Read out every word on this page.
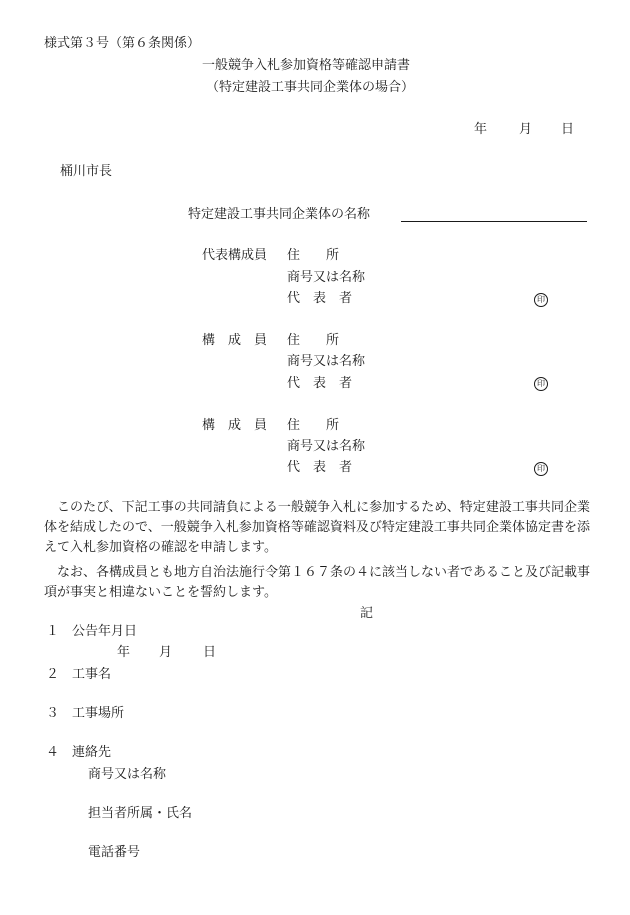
様式第３号（第６条関係）
一般競争入札参加資格等確認申請書
（特定建設工事共同企業体の場合）
年 月 日
桶川市長
特定建設工事共同企業体の名称
代表構成員 住　　所
商号又は名称
代　表　者	印
構　成　員 住　　所
商号又は名称
代　表　者	印
構　成　員 住　　所
商号又は名称
代　表　者	印
　このたび、下記工事の共同請負による一般競争入札に参加するため、特定建設工事共同企業体を結成したので、一般競争入札参加資格等確認資料及び特定建設工事共同企業体協定書を添えて入札参加資格の確認を申請します。
　なお、各構成員とも地方自治法施行令第１６７条の４に該当しない者であること及び記載事項が事実と相違ないことを誓約します。
記
１ 公告年月日
年 月 日
２ 工事名
３ 工事場所
４ 連絡先
商号又は名称
担当者所属・氏名
電話番号
